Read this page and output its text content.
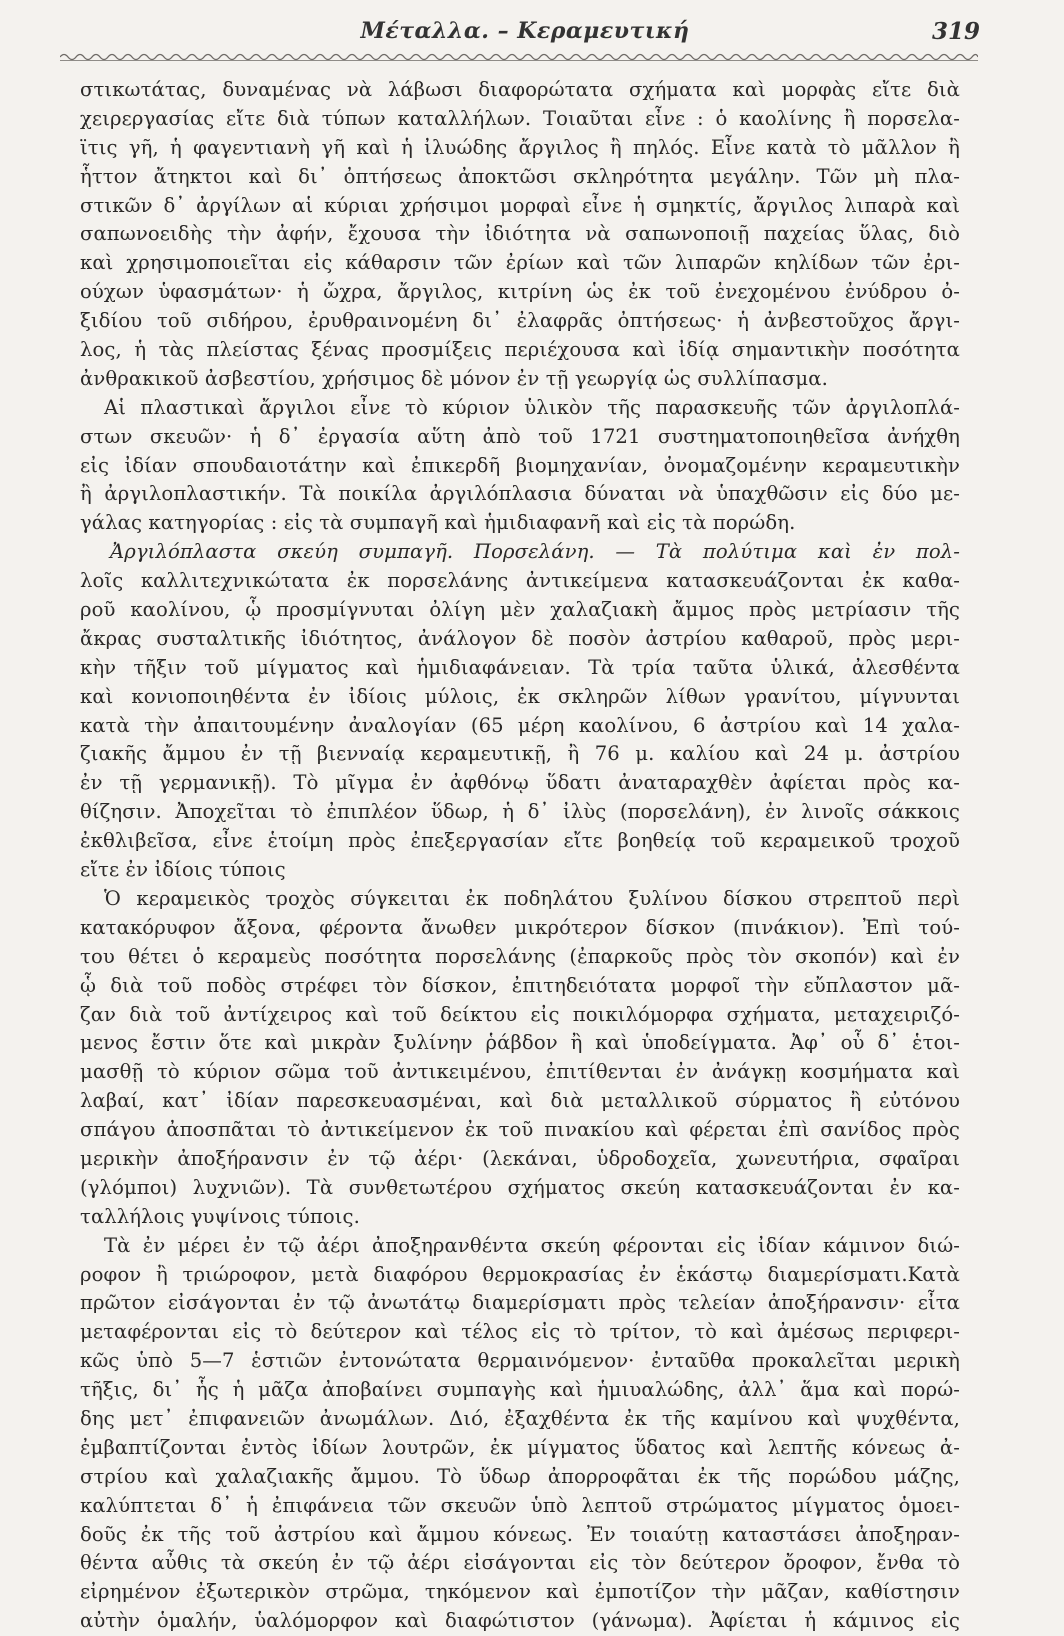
Μέταλλα. – Κεραμευτική	319
στικωτάτας, δυναμένας νὰ λάβωσι διαφορώτατα σχήματα καὶ μορφὰς εἴτε διὰ
χειρεργασίας εἴτε διὰ τύπων καταλλήλων. Τοιαῦται εἶνε : ὁ καολίνης ἢ πορσελα-
ϊτις γῆ, ἡ φαγεντιανὴ γῆ καὶ ἡ ἰλυώδης ἄργιλος ἢ πηλός. Εἶνε κατὰ τὸ μᾶλλον ἢ
ἧττον ἄτηκτοι καὶ δι᾽ ὀπτήσεως ἀποκτῶσι σκληρότητα μεγάλην. Τῶν μὴ πλα-
στικῶν δ᾽ ἀργίλων αἱ κύριαι χρήσιμοι μορφαὶ εἶνε ἡ σμηκτίς, ἄργιλος λιπαρὰ καὶ
σαπωνοειδὴς τὴν ἀφήν, ἔχουσα τὴν ἰδιότητα νὰ σαπωνοποιῇ παχείας ὕλας, διὸ
καὶ χρησιμοποιεῖται εἰς κάθαρσιν τῶν ἐρίων καὶ τῶν λιπαρῶν κηλίδων τῶν ἐρι-
ούχων ὑφασμάτων· ἡ ὤχρα, ἄργιλος, κιτρίνη ὡς ἐκ τοῦ ἐνεχομένου ἐνύδρου ὀ-
ξιδίου τοῦ σιδήρου, ἐρυθραινομένη δι᾽ ἐλαφρᾶς ὀπτήσεως· ἡ ἀνβεστοῦχος ἄργι-
λος, ἡ τὰς πλείστας ξένας προσμίξεις περιέχουσα καὶ ἰδίᾳ σημαντικὴν ποσότητα
ἀνθρακικοῦ ἀσβεστίου, χρήσιμος δὲ μόνον ἐν τῇ γεωργίᾳ ὡς συλλίπασμα.
Αἱ πλαστικαὶ ἄργιλοι εἶνε τὸ κύριον ὑλικὸν τῆς παρασκευῆς τῶν ἀργιλοπλά-
στων σκευῶν· ἡ δ᾽ ἐργασία αὕτη ἀπὸ τοῦ 1721 συστηματοποιηθεῖσα ἀνήχθη
εἰς ἰδίαν σπουδαιοτάτην καὶ ἐπικερδῆ βιομηχανίαν, ὀνομαζομένην κεραμευτικὴν
ἢ ἀργιλοπλαστικήν. Τὰ ποικίλα ἀργιλόπλασια δύναται νὰ ὑπαχθῶσιν εἰς δύο με-
γάλας κατηγορίας : εἰς τὰ συμπαγῆ καὶ ἡμιδιαφανῆ καὶ εἰς τὰ πορώδη.
Ἀργιλόπλαστα σκεύη συμπαγῆ. Πορσελάνη. — Τὰ πολύτιμα καὶ ἐν πολ-
λοῖς καλλιτεχνικώτατα ἐκ πορσελάνης ἀντικείμενα κατασκευάζονται ἐκ καθα-
ροῦ καολίνου, ᾧ προσμίγνυται ὀλίγη μὲν χαλαζιακὴ ἄμμος πρὸς μετρίασιν τῆς
ἄκρας συσταλτικῆς ἰδιότητος, ἀνάλογον δὲ ποσὸν ἀστρίου καθαροῦ, πρὸς μερι-
κὴν τῆξιν τοῦ μίγματος καὶ ἡμιδιαφάνειαν. Τὰ τρία ταῦτα ὑλικά, ἀλεσθέντα
καὶ κονιοποιηθέντα ἐν ἰδίοις μύλοις, ἐκ σκληρῶν λίθων γρανίτου, μίγνυνται
κατὰ τὴν ἀπαιτουμένην ἀναλογίαν (65 μέρη καολίνου, 6 ἀστρίου καὶ 14 χαλα-
ζιακῆς ἄμμου ἐν τῇ βιενναίᾳ κεραμευτικῇ, ἢ 76 μ. καλίου καὶ 24 μ. ἀστρίου
ἐν τῇ γερμανικῇ). Τὸ μῖγμα ἐν ἀφθόνῳ ὕδατι ἀναταραχθὲν ἀφίεται πρὸς κα-
θίζησιν. Ἀποχεῖται τὸ ἐπιπλέον ὕδωρ, ἡ δ᾽ ἰλὺς (πορσελάνη), ἐν λινοῖς σάκκοις
ἐκθλιβεῖσα, εἶνε ἑτοίμη πρὸς ἐπεξεργασίαν εἴτε βοηθείᾳ τοῦ κεραμεικοῦ τροχοῦ
εἴτε ἐν ἰδίοις τύποις
Ὁ κεραμεικὸς τροχὸς σύγκειται ἐκ ποδηλάτου ξυλίνου δίσκου στρεπτοῦ περὶ
κατακόρυφον ἄξονα, φέροντα ἄνωθεν μικρότερον δίσκον (πινάκιον). Ἐπὶ τού-
του θέτει ὁ κεραμεὺς ποσότητα πορσελάνης (ἐπαρκοῦς πρὸς τὸν σκοπόν) καὶ ἐν
ᾧ διὰ τοῦ ποδὸς στρέφει τὸν δίσκον, ἐπιτηδειότατα μορφοῖ τὴν εὔπλαστον μᾶ-
ζαν διὰ τοῦ ἀντίχειρος καὶ τοῦ δείκτου εἰς ποικιλόμορφα σχήματα, μεταχειριζό-
μενος ἔστιν ὅτε καὶ μικρὰν ξυλίνην ῥάβδον ἢ καὶ ὑποδείγματα. Ἀφ᾽ οὗ δ᾽ ἑτοι-
μασθῇ τὸ κύριον σῶμα τοῦ ἀντικειμένου, ἐπιτίθενται ἐν ἀνάγκῃ κοσμήματα καὶ
λαβαί, κατ᾽ ἰδίαν παρεσκευασμέναι, καὶ διὰ μεταλλικοῦ σύρματος ἢ εὐτόνου
σπάγου ἀποσπᾶται τὸ ἀντικείμενον ἐκ τοῦ πινακίου καὶ φέρεται ἐπὶ σανίδος πρὸς
μερικὴν ἀποξήρανσιν ἐν τῷ ἀέρι· (λεκάναι, ὑδροδοχεῖα, χωνευτήρια, σφαῖραι
(γλόμποι) λυχνιῶν). Τὰ συνθετωτέρου σχήματος σκεύη κατασκευάζονται ἐν κα-
ταλλήλοις γυψίνοις τύποις.
Τὰ ἐν μέρει ἐν τῷ ἀέρι ἀποξηρανθέντα σκεύη φέρονται εἰς ἰδίαν κάμινον διώ-
ροφον ἢ τριώροφον, μετὰ διαφόρου θερμοκρασίας ἐν ἑκάστῳ διαμερίσματι.Κατὰ
πρῶτον εἰσάγονται ἐν τῷ ἀνωτάτῳ διαμερίσματι πρὸς τελείαν ἀποξήρανσιν· εἶτα
μεταφέρονται εἰς τὸ δεύτερον καὶ τέλος εἰς τὸ τρίτον, τὸ καὶ ἀμέσως περιφερι-
κῶς ὑπὸ 5—7 ἑστιῶν ἐντονώτατα θερμαινόμενον· ἐνταῦθα προκαλεῖται μερικὴ
τῆξις, δι᾽ ἧς ἡ μᾶζα ἀποβαίνει συμπαγὴς καὶ ἡμιυαλώδης, ἀλλ᾽ ἅμα καὶ πορώ-
δης μετ᾽ ἐπιφανειῶν ἀνωμάλων. Διό, ἐξαχθέντα ἐκ τῆς καμίνου καὶ ψυχθέντα,
ἐμβαπτίζονται ἐντὸς ἰδίων λουτρῶν, ἐκ μίγματος ὕδατος καὶ λεπτῆς κόνεως ἀ-
στρίου καὶ χαλαζιακῆς ἄμμου. Τὸ ὕδωρ ἀπορροφᾶται ἐκ τῆς πορώδου μάζης,
καλύπτεται δ᾽ ἡ ἐπιφάνεια τῶν σκευῶν ὑπὸ λεπτοῦ στρώματος μίγματος ὁμοει-
δοῦς ἐκ τῆς τοῦ ἀστρίου καὶ ἄμμου κόνεως. Ἐν τοιαύτῃ καταστάσει ἀποξηραν-
θέντα αὖθις τὰ σκεύη ἐν τῷ ἀέρι εἰσάγονται εἰς τὸν δεύτερον ὄροφον, ἔνθα τὸ
εἰρημένον ἐξωτερικὸν στρῶμα, τηκόμενον καὶ ἐμποτίζον τὴν μᾶζαν, καθίστησιν
αὐτὴν ὁμαλήν, ὑαλόμορφον καὶ διαφώτιστον (γάνωμα). Ἀφίεται ἡ κάμινος εἰς
